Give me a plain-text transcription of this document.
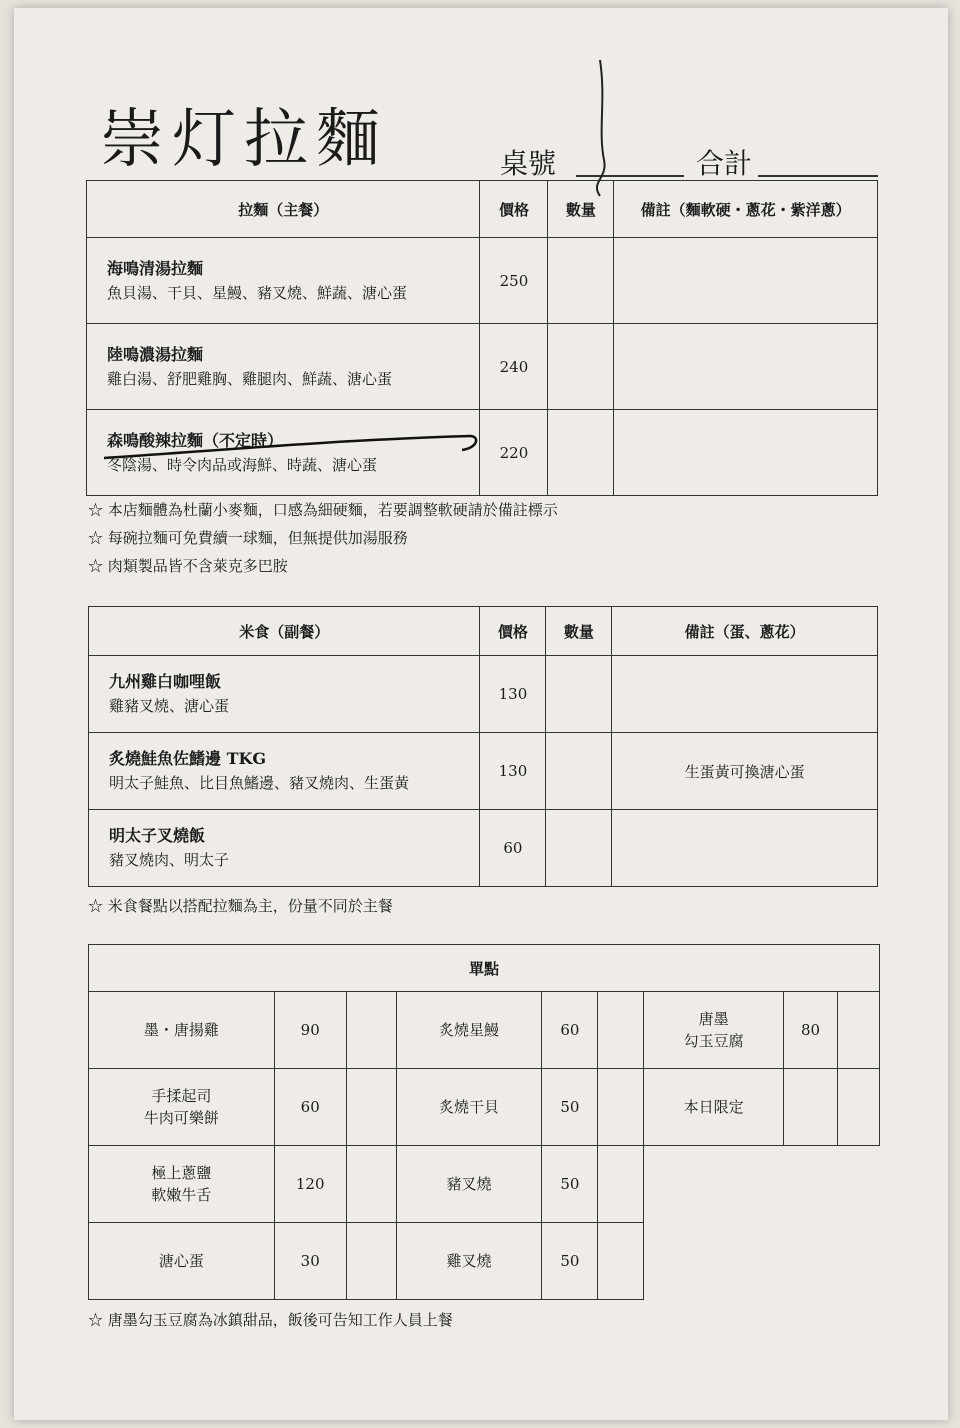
崇灯拉麵	桌號	合計
拉麵（主餐）	價格	數量	備註（麵軟硬・蔥花・紫洋蔥）

海鳴清湯拉麵
魚貝湯、干貝、星鰻、豬叉燒、鮮蔬、溏心蛋	250		

陸鳴濃湯拉麵
雞白湯、舒肥雞胸、雞腿肉、鮮蔬、溏心蛋	240		

森鳴酸辣拉麵（不定時）
冬陰湯、時令肉品或海鮮、時蔬、溏心蛋	220		
☆ 本店麵體為杜蘭小麥麵，口感為細硬麵，若要調整軟硬請於備註標示
☆ 每碗拉麵可免費續一球麵，但無提供加湯服務
☆ 肉類製品皆不含萊克多巴胺
米食（副餐）	價格	數量	備註（蛋、蔥花）

九州雞白咖哩飯
雞豬叉燒、溏心蛋	130		

炙燒鮭魚佐鰭邊 TKG
明太子鮭魚、比目魚鰭邊、豬叉燒肉、生蛋黃	130		生蛋黃可換溏心蛋

明太子叉燒飯
豬叉燒肉、明太子	60		
☆ 米食餐點以搭配拉麵為主，份量不同於主餐
單點								
墨・唐揚雞	90		炙燒星鰻	60		唐墨
勾玉豆腐	80	
手揉起司
牛肉可樂餅	60		炙燒干貝	50		本日限定		
極上蔥鹽
軟嫩牛舌	120		豬叉燒	50				
溏心蛋	30		雞叉燒	50				
☆ 唐墨勾玉豆腐為冰鎮甜品，飯後可告知工作人員上餐
